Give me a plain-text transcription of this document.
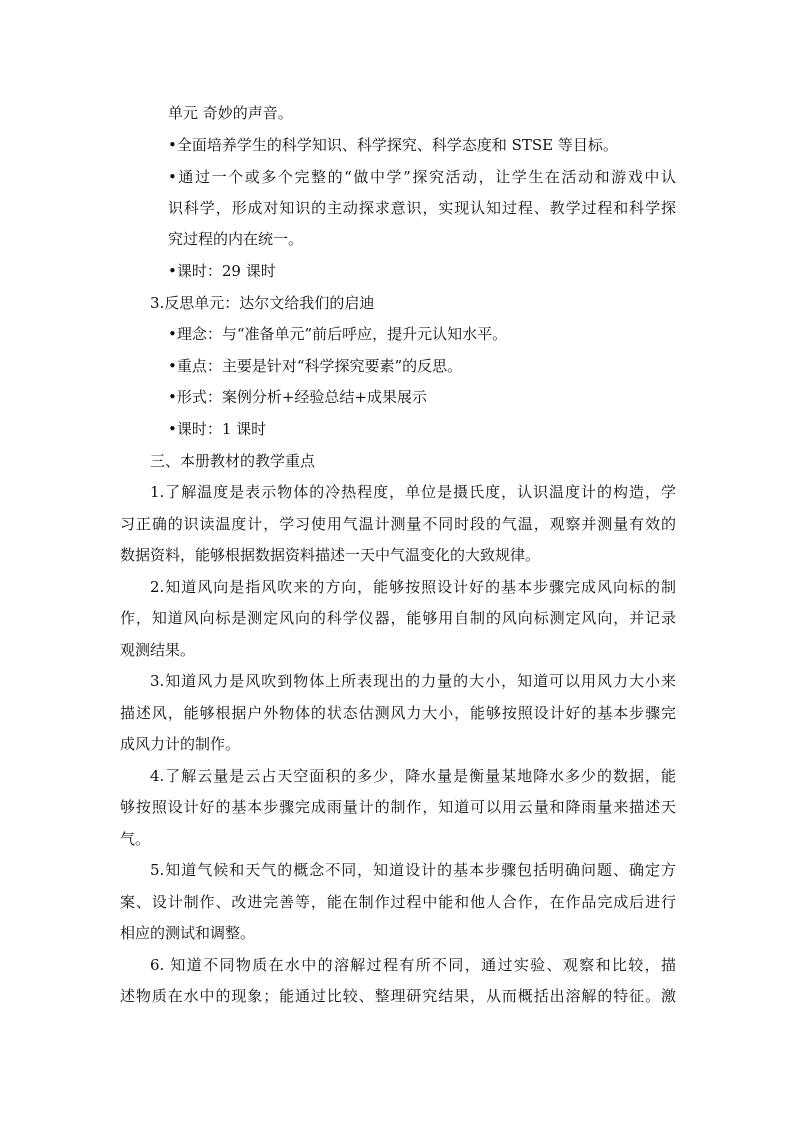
单元 奇妙的声音。
•全面培养学生的科学知识、科学探究、科学态度和 STSE 等目标。
•通过一个或多个完整的“做中学”探究活动，让学生在活动和游戏中认
识科学，形成对知识的主动探求意识，实现认知过程、教学过程和科学探
究过程的内在统一。
•课时：29 课时
3.反思单元：达尔文给我们的启迪
•理念：与“准备单元”前后呼应，提升元认知水平。
•重点：主要是针对“科学探究要素”的反思。
•形式：案例分析+经验总结+成果展示
•课时：1 课时
三、本册教材的教学重点
1.了解温度是表示物体的冷热程度，单位是摄氏度，认识温度计的构造，学
习正确的识读温度计，学习使用气温计测量不同时段的气温，观察并测量有效的
数据资料，能够根据数据资料描述一天中气温变化的大致规律。
2.知道风向是指风吹来的方向，能够按照设计好的基本步骤完成风向标的制
作，知道风向标是测定风向的科学仪器，能够用自制的风向标测定风向，并记录
观测结果。
3.知道风力是风吹到物体上所表现出的力量的大小，知道可以用风力大小来
描述风，能够根据户外物体的状态估测风力大小，能够按照设计好的基本步骤完
成风力计的制作。
4.了解云量是云占天空面积的多少，降水量是衡量某地降水多少的数据，能
够按照设计好的基本步骤完成雨量计的制作，知道可以用云量和降雨量来描述天
气。
5.知道气候和天气的概念不同，知道设计的基本步骤包括明确问题、确定方
案、设计制作、改进完善等，能在制作过程中能和他人合作，在作品完成后进行
相应的测试和调整。
6. 知道不同物质在水中的溶解过程有所不同，通过实验、观察和比较，描
述物质在水中的现象；能通过比较、整理研究结果，从而概括出溶解的特征。激
